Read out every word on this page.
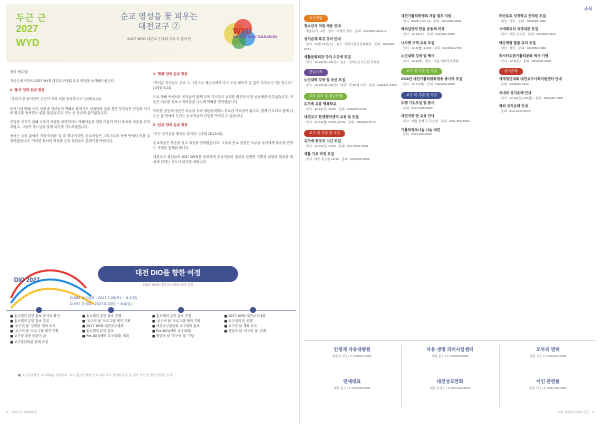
두근 근
2027 WYD
순교 영성을 꽃 피우는
대전교구 ②
2027 WYD 대전교구대회 사무국 홍보팀
WYD
SEOUL 2027 DAEJEON

찬미 예수님!

지난주에 이어서 2027 WYD 대전교구대회 순교 영성을 소개해드립니다.

3. '용서' 안의 순교 영성

"저희가 잘 용서하여 주듯이 저희 죄를 용서하시고" (마태 6,12)

조선시대 박해 시기, 남편과 자녀들이 박해로 잡혀가고 처형당한 일을 겪은 부인들은 신앙을 지키며 원수를 용서하는 삶을 살았습니다. 이는 곧 순교의 삶이었습니다.

신앙을 지키기 위해 고문과 처형을 당하면서도 박해자들을 향한 미움이 아닌 용서의 마음을 간직하였고, 그들이 하느님을 알게 되기를 기도하였습니다.

용서는 우리 삶에서 가장 어려운 일 중 하나이지만, 순교자들은 그리스도의 사랑 안에서 이를 실천하였습니다. 이러한 용서의 영성을 우리 청년들도 본받기를 바랍니다.

4. '계메' 안의 순교 영성

"여러분 자신들도 우리 주 그리스도 예수님께서 다시 오실 때까지 흠 없이 지켜주시기를 빕니다." (1테살 5,23)

도로 박해 속에서도 신자들이 함께 모여 기도하고 교리를 배우며 신앙 공동체를 이루었습니다. 이들은 서로를 돌보고 어려움을 나누며 박해를 견뎌냈습니다.

이러한 공동체 정신은 오늘날 우리 청년들에게도 중요한 가르침이 됩니다. 함께 기도하고 함께 나누는 삶 안에서 우리는 순교자들의 신앙을 이어갈 수 있습니다.

5. '선교' 안의 순교 영성

"모든 민족들을 제자로 삼아라." (마태 28,19-20)

순교자들은 목숨을 걸고 복음을 전하였습니다. 그들의 선교 열정은 오늘날 우리에게 복음을 전하는 사명을 일깨워 줍니다.

대전교구 청년들이 2027 WYD를 준비하며 순교자들의 영성을 본받아 기쁨과 희망의 복음을 세상에 전하는 사도가 되기를 바랍니다.

DIO 2027
대전 DIO를 향한 여정
2027 WYD 대전교구대회 준비 일정
D-682 교구대회 : 2027.7.28(목) ~ 8.2(월)
D-597 본대회 : 2027.8.3(화) ~ 8.8(일)
■ 홍시해미 분양 홍보 봉사자 확인
■ 홍시해미 분양 홍보 추진
■ '교구의 날' 설명회 개최 조사
■ '교구의 날' 프로그램 제작 기획
■ 교구청 대전 어린이 관
■ 교구청년회관 관계 조정
■ 홍시해미 분양 홍보 진행
■ '교구의 날' 프로그램 제작 기획
■ 2027 WYD 대전교구대회
■ 홍시해미 분양 홍보
■ Pre-DIO(예비 교구대회) 개최
■ 홍시해미 분양 홍보 진행
■ '교구의 날' 프로그램 제작 기획
■ 대전교구청년회 교구대회 홍보
■ Pre-DIO(예비 교구대회)
■ 청년의 날 '지구의 날' 기념
■ 2027 WYD 대전교구대회
■ 교구대회 본 진행
■ 교구의 날 개최 조사
■ 청년의 날 '지구의 날' 전례
■ 교구청년회관 교구대회를 준비하며, 교구 청소년 해외 선교 지원 교구 청년회 등록 등 청년 사목 및 행사 일정표 안내
4 _ 대전주보 제2800호
소식
교구알림
청소년국 직원 채용 안내
· 채용분야 : 1명 · 접수 : 이메일 접수 · 문의 : 042)630-4412~3
성지순례 특강 강의 안내
· 일시 : 12월 14일(토) · 장소 : 대전가톨릭문화회관 · 문의 : 042)620-9731
생활문화회관 강의 수강생 모집
· 일시 : 12.23(화)~26(금) · 장소 : 성바오로수도원 강의실
전입시작
노인대학 강좌 및 국선 모집
· 일시 : 12.23(화)~26(금) · 대상 : 만 60세 이상 · 문의 : 042)221-3300
교육 홍보 및 청년단체
도가족 교류 행복학교
· 일시 : 12.14(토) 10:00 · 문의 : 042)620-9780
대전교구 한재행자센터 교육 및 모집
· 일시 : 12.13(월) 14:00~16:00 · 문의 : 042)622-8772
교구 내 기관 및 시설
유가족·한부모 시간 모집
· 일시 : 12.21(토) 14:00 · 문의 : 010-3322-0000
생활 기초 과정 모집
· 일시 : 매주 목요일 19:30 · 문의 : 042)254-6868
대전가톨릭학생회 겨울 캠프 지원
· 일시 : 2025.1.10~12 · 문의 : 042)630-0000
해외입양자 반음 공동체 피정
· 일시 : 12.18(수) · 문의 : 042)220-1800
나사렛 구역 교육 모집
· 일시 : 12.8(월) 14:00 · 문의 : 042)630-2700
노인대학 강좌 및 행사
· 일시 : 12.9(화) · 장소 : 목동 대전성모병원
교구 내 기관 및 시설
2026년 대전가톨릭평화방송 종사자 모집
· 일시 : 12.17(화) · 문의 : 042)220-0000
교구 내 기관 및 시설
도행 기도모임 및 봉사
· 문의 : 010-4456-0000
대전지방 반 교육 안내
· 일시 : 매월 둘째 주 목요일 · 문의 : 042)-363-5002
가톨릭정보나눔 나눔 대전
· 문의 : 042)-220-2030
하선로로 성경학교 선덕원 모집
· 대상 : 성인 · 문의 : 042)620-1000
시애배교리 성경대본 모집
· 일시 : 매주 금요일 · 문의 : 042)630-3434
해산체험 말씀 교리 모집
· 대상 : 청년 · 문의 : 042)630-0456
하서터도한가톨릭문화 역사 기행
· 일시 : 12.6(토) · 문의 : 042)620-0000
성지순례
세계청년대회 대전교구사목지원센터 안내
· 문의 : 042)630-4412
국내외 성지순례 안내
· 일시 : 12.20(토)~22(월) · 문의 : 042)254-7800
해외 성지순례 안내
· 문의 : 010-1234-5678
인생재 자유대병원
대전 유성구 | T. 042)611-3000
자유·생명 의미사업센터
대전 중구 | T. 042)220-0000
모두의 면허
대전 서구 | T. 042)222-0000
연세대표
대전 동구 | T. 042)330-0000
대전성모만화
대전 유성구 | T. 042)-243-5510
이인 관련물
대전 서구 | T. 042)-000-0000
대전 세계청년대회 특집 _ 5
